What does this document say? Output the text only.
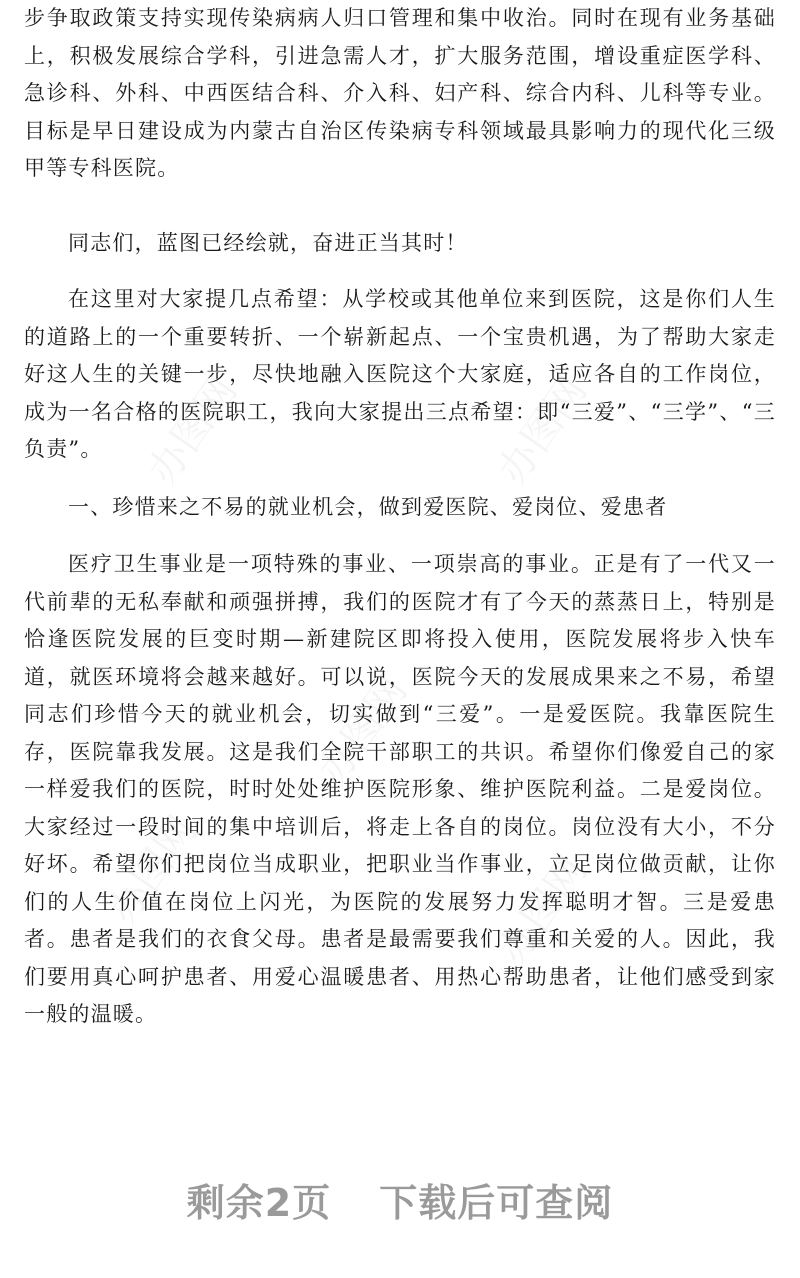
步争取政策支持实现传染病病人归口管理和集中收治。同时在现有业务基础上，积极发展综合学科，引进急需人才，扩大服务范围，增设重症医学科、急诊科、外科、中西医结合科、介入科、妇产科、综合内科、儿科等专业。目标是早日建设成为内蒙古自治区传染病专科领域最具影响力的现代化三级甲等专科医院。

同志们，蓝图已经绘就，奋进正当其时！

在这里对大家提几点希望：从学校或其他单位来到医院，这是你们人生的道路上的一个重要转折、一个崭新起点、一个宝贵机遇，为了帮助大家走好这人生的关键一步，尽快地融入医院这个大家庭，适应各自的工作岗位，成为一名合格的医院职工，我向大家提出三点希望：即“三爱”、“三学”、“三负责”。

一、珍惜来之不易的就业机会，做到爱医院、爱岗位、爱患者

医疗卫生事业是一项特殊的事业、一项崇高的事业。正是有了一代又一代前辈的无私奉献和顽强拼搏，我们的医院才有了今天的蒸蒸日上，特别是恰逢医院发展的巨变时期—新建院区即将投入使用，医院发展将步入快车道，就医环境将会越来越好。可以说，医院今天的发展成果来之不易，希望同志们珍惜今天的就业机会，切实做到“三爱”。一是爱医院。我靠医院生存，医院靠我发展。这是我们全院干部职工的共识。希望你们像爱自己的家一样爱我们的医院，时时处处维护医院形象、维护医院利益。二是爱岗位。大家经过一段时间的集中培训后，将走上各自的岗位。岗位没有大小，不分好坏。希望你们把岗位当成职业，把职业当作事业，立足岗位做贡献，让你们的人生价值在岗位上闪光，为医院的发展努力发挥聪明才智。三是爱患者。患者是我们的衣食父母。患者是最需要我们尊重和关爱的人。因此，我们要用真心呵护患者、用爱心温暖患者、用热心帮助患者，让他们感受到家一般的温暖。

剩余2页 下载后可查阅
